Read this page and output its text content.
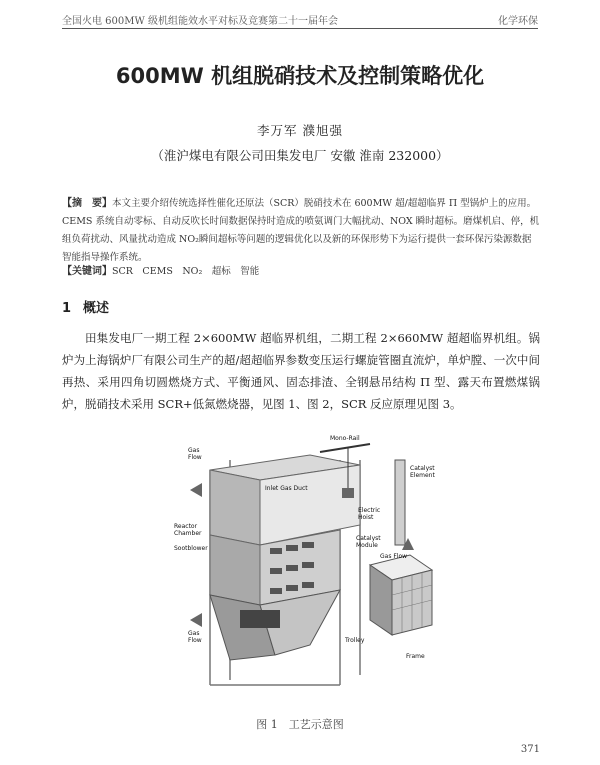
全国火电 600MW 级机组能效水平对标及竞赛第二十一届年会	化学环保
600MW 机组脱硝技术及控制策略优化
李万军 濮旭强
（淮沪煤电有限公司田集发电厂 安徽 淮南 232000）
【摘　要】本文主要介绍传统选择性催化还原法（SCR）脱硝技术在 600MW 超/超超临界 Π 型锅炉上的应用。CEMS 系统自动零标、自动反吹长时间数据保持时造成的喷氨调门大幅扰动、NOX 瞬时超标。磨煤机启、停，机组负荷扰动、风量扰动造成 NO₂瞬间超标等问题的逻辑优化以及新的环保形势下为运行提供一套环保污染源数据智能指导操作系统。
【关键词】SCR　CEMS　NO₂　超标　智能
1 概述
田集发电厂一期工程 2×600MW 超临界机组，二期工程 2×660MW 超超临界机组。锅炉为上海锅炉厂有限公司生产的超/超超临界参数变压运行螺旋管圈直流炉，单炉膛、一次中间再热、采用四角切圆燃烧方式、平衡通风、固态排渣、全钢悬吊结构 Π 型、露天布置燃煤锅炉，脱硝技术采用 SCR+低氮燃烧器，见图 1、图 2，SCR 反应原理见图 3。
Gas Flow
Reactor Chamber
Sootblower
Inlet Gas Duct
Gas Flow
Mono-Rail
Catalyst Element
Electric Hoist
Catalyst Module
Gas Flow
Trolley
Frame
图 1　工艺示意图
371
